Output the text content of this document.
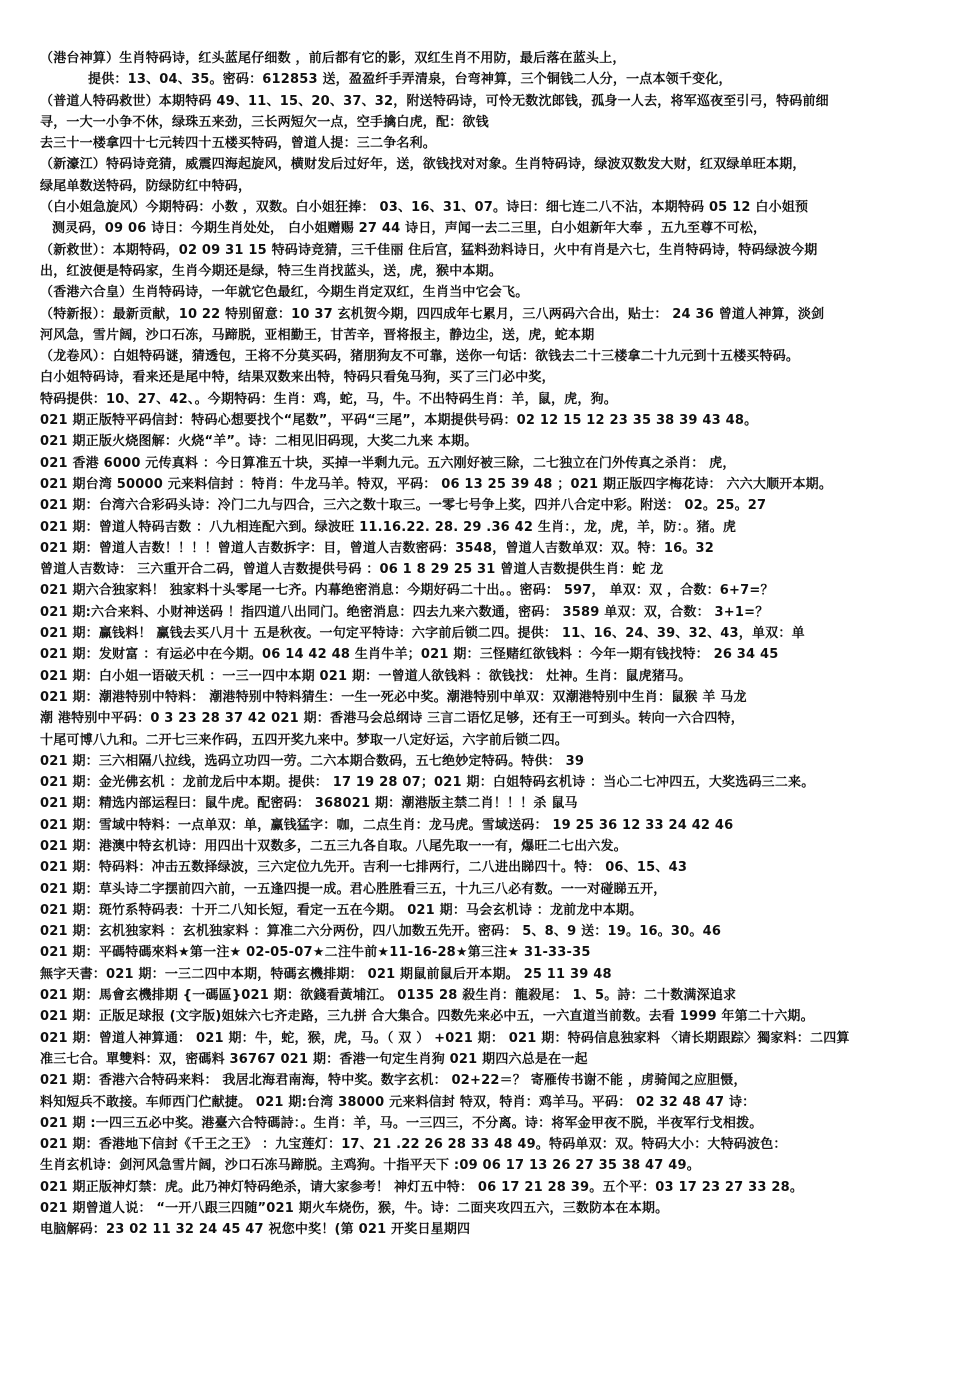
（港台神算）生肖特码诗，红头蓝尾仔细数 ，前后都有它的影，双红生肖不用防，最后落在蓝头上，
提供：13、04、35。密码：612853 送，盈盈纤手弄清泉，台弯神算，三个铜钱二人分，一点本领千变化，
（普道人特码救世）本期特码 49、11、15、20、37、32，附送特码诗，可怜无数沈郎钱，孤身一人去，将军巡夜至引弓，特码前细
寻，一大一小争不休，绿珠五来劲，三长两短欠一点，空手擒白虎，配：欲钱
去三十一楼拿四十七元转四十五楼买特码，曾道人提：三二争名利。
（新濠江）特码诗竞猜，威震四海起旋风，横财发后过好年，送，欲钱找对对象。生肖特码诗，绿波双数发大财，红双绿单旺本期，
绿尾单数送特码，防绿防红中特码，
（白小姐急旋风）今期特码：小数 ，双数。白小姐狂捧： 03、16、31、07。诗曰：细七连二八不沾，本期特码 05 12 白小姐预
测灵码，09 06 诗日：今期生肖处处， 白小姐赠赐 27 44 诗日，声闻一去二三里，白小姐新年大奉 ，五九至尊不可松，
（新救世）：本期特码，02 09 31 15 特码诗竞猜，三千佳丽 住后宫，猛料劲料诗日，火中有肖是六七，生肖特码诗，特码绿波今期
出，红波便是特码家，生肖今期还是绿，特三生肖找蓝头，送，虎，猴中本期。
（香港六合皇）生肖特码诗，一年就它色最红，今期生肖定双红，生肖当中它会飞。
（特新报）：最新贡献，10 22 特别留意：10 37 玄机贺今期，四四成年七累月，三八两码六合出，贴士： 24 36 曾道人神算，淡剑
河风急，雪片阔，沙口石冻，马蹄脱，亚相勤王，甘苦辛，晋将报主，静边尘，送，虎，蛇本期
（龙卷风）：白姐特码谜，猜透包，王将不分莫买码，猪朋狗友不可靠，送你一句话：欲钱去二十三楼拿二十九元到十五楼买特码。
白小姐特码诗，看来还是尾中特，结果双数来出特，特码只看兔马狗，买了三门必中奖，
特码提供：10、27、42、。今期特码：生肖：鸡，蛇，马，牛。不出特码生肖：羊，鼠，虎，狗。
021 期正版特平码信封：特码心想要找个“尾数”，平码“三尾”，本期提供号码：02 12 15 12 23 35 38 39 43 48。
021 期正版火烧图解：火烧“羊”。诗：二相见旧码现，大奖二九来 本期。
021 香港 6000 元传真料 ：今日算准五十块，买掉一半剩九元。五六刚好被三除，二七独立在门外传真之杀肖： 虎，
021 期台湾 50000 元来料信封 ：特肖：牛龙马羊。特双，平码： 06 13 25 39 48 ；021 期正版四字梅花诗： 六六大顺开本期。
021 期：台湾六合彩码头诗：冷门二九与四合，三六之数十取三。一零七号争上奖，四并八合定中彩。附送： 02。25。27
021 期：曾道人特码吉数 ：八九相连配六到。绿波旺 11.16.22. 28. 29 .36 42 生肖：，龙，虎，羊，防：。猪。虎
021 期：曾道人吉数！！！！曾道人吉数拆字：目，曾道人吉数密码：3548，曾道人吉数单双：双。特：16。32
曾道人吉数诗： 三六重开合二码，曾道人吉数提供号码 ：06 1 8 29 25 31 曾道人吉数提供生肖：蛇 龙
021 期六合独家料！ 独家料十头零尾一七齐。内幕绝密消息：今期好码二十出。。密码： 597， 单双：双 ，合数：6+7=？
021 期:六合来料、小财神送码 ！指四道八出同门。绝密消息：四去九来六数通，密码： 3589 单双：双，合数： 3+1=？
021 期：赢钱料！ 赢钱去买八月十 五是秋夜。一句定平特诗：六字前后锁二四。提供： 11、16、24、39、32、43，单双：单
021 期：发财富 ：有运必中在今期。06 14 42 48 生肖牛羊；021 期：三怪赌红欲钱料 ：今年一期有钱找特： 26 34 45
021 期：白小姐一语破天机 ：一三一四中本期 021 期：一曾道人欲钱料 ：欲钱找： 灶神。生肖：鼠虎猪马。
021 期：潮港特别中特料： 潮港特别中特料猜生：一生一死必中奖。潮港特别中单双：双潮港特别中生肖：鼠猴 羊 马龙
潮 港特别中平码：0 3 23 28 37 42 021 期：香港马会总纲诗 三言二语忆足够，还有王一可到头。转向一六合四特，
十尾可博八九和。二开七三来作码，五四开奖九来中。梦取一八定好运，六字前后锁二四。
021 期：三六相隔八拉线，选码立功四一劳。二六本期合数码，五七绝妙定特码。特供： 39
021 期：金光佛玄机 ：龙前龙后中本期。提供： 17 19 28 07；021 期：白姐特码玄机诗 ：当心二七冲四五，大奖选码三二来。
021 期：精选内部运程曰：鼠牛虎。配密码： 368021 期：潮港版主禁二肖！！！杀 鼠马
021 期：雪域中特料：一点单双：单，赢钱猛字：咖，二点生肖：龙马虎。雪域送码： 19 25 36 12 33 24 42 46
021 期：港澳中特玄机诗：用四出十双数多，二五三九各自取。八尾先取一一有，爆旺二七出六发。
021 期：特码料：冲击五数择绿波，三六定位九先开。吉利一七排两行，二八进出睇四十。特： 06、15、43
021 期：草头诗二字摆前四六前，一五逢四提一成。君心胜胜看三五，十九三八必有数。一一对碰睇五开，
021 期：斑竹系特码表：十开二八知长短，看定一五在今期。 021 期：马会玄机诗 ：龙前龙中本期。
021 期：玄机独家料 ：玄机独家料 ：算准二六分两份，四八加数五先开。密码： 5、8、9 送：19。16。30。46
021 期：平碼特碼來料★第一注★ 02-05-07★二注牛前★11-16-28★第三注★ 31-33-35
無字天書：021 期：一三二四中本期，特碼玄機排期： 021 期鼠前鼠后开本期。 25 11 39 48
021 期：馬會玄機排期 {一碼區}021 期：欲錢看黃埔江。 0135 28 殺生肖：龍殺尾： 1、5。詩：二十数满深追求
021 期：正版足球报 (文字版)姐妹六七齐走路，三九拼 合大集合。四数先来必中五，一六直道当前数。去看 1999 年第二十六期。
021 期：曾道人神算通： 021 期：牛，蛇，猴，虎，马。（ 双 ） +021 期： 021 期：特码信息独家料 〈请长期跟踪〉獨家料：二四算
准三七合。單雙料：双，密碼料 36767 021 期：香港一句定生肖狗 021 期四六总是在一起
021 期：香港六合特码来料： 我居北海君南海，特中奖。数字玄机： 02+22＝？ 寄雁传书谢不能 ，虏骑闻之应胆慑，
料知短兵不敢接。车师西门伫献捷。 021 期:台湾 38000 元来料信封 特双，特肖：鸡羊马。平码： 02 32 48 47 诗：
021 期 :一四三五必中奖。港臺六合特碼詩：。生肖：羊，马。一三四三，不分离。诗：将军金甲夜不脱，半夜军行戈相拨。
021 期：香港地下信封《千王之王》 ：九宝莲灯：17、21 .22 26 28 33 48 49。特码单双：双。特码大小：大特码波色：
生肖玄机诗：剑河风急雪片阔，沙口石冻马蹄脱。主鸡狗。十指平天下 :09 06 17 13 26 27 35 38 47 49。
021 期正版神灯禁：虎。此乃神灯特码绝杀，请大家参考！ 神灯五中特： 06 17 21 28 39。五个平：03 17 23 27 33 28。
021 期曾道人说： “一开八跟三四随”021 期火车烧伤，猴，牛。诗：二面夹攻四五六，三数防本在本期。
电脑解码：23 02 11 32 24 45 47 祝您中奖！(第 021 开奖日星期四
